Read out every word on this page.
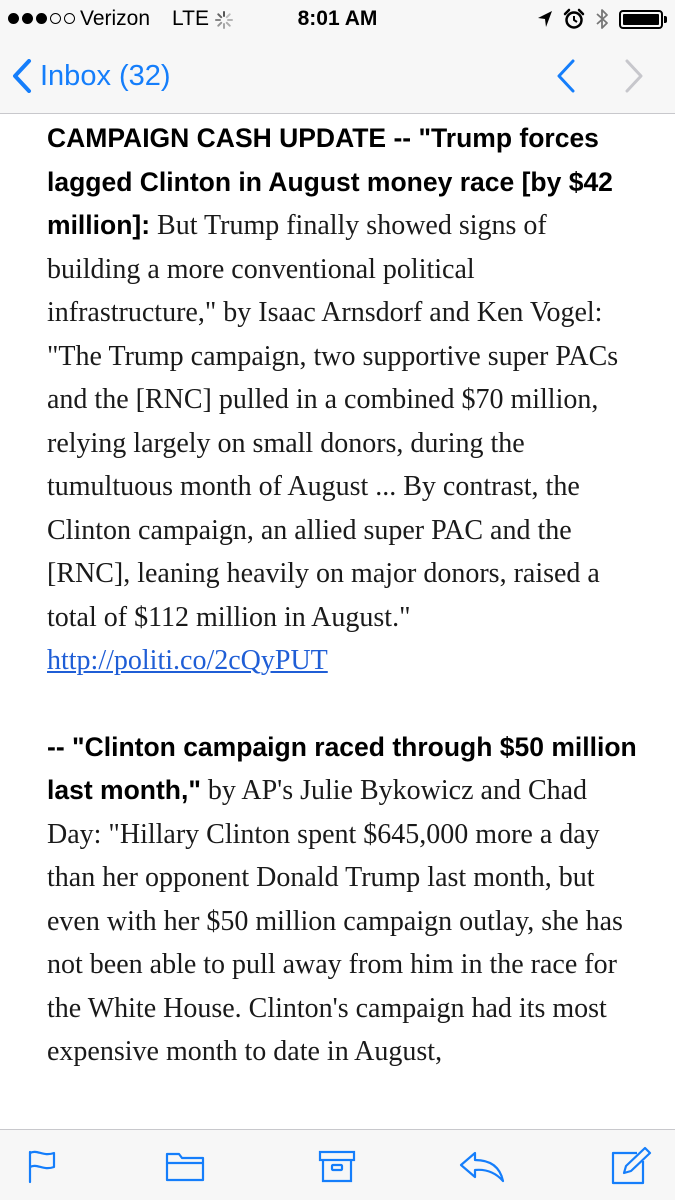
Verizon LTE	8:01 AM
Inbox (32)

CAMPAIGN CASH UPDATE -- "Trump forces lagged Clinton in August money race [by $42 million]: But Trump finally showed signs of building a more conventional political infrastructure," by Isaac Arnsdorf and Ken Vogel: "The Trump campaign, two supportive super PACs and the [RNC] pulled in a combined $70 million, relying largely on small donors, during the tumultuous month of August ... By contrast, the Clinton campaign, an allied super PAC and the [RNC], leaning heavily on major donors, raised a total of $112 million in August."
http://politi.co/2cQyPUT

-- "Clinton campaign raced through $50 million last month," by AP's Julie Bykowicz and Chad Day: "Hillary Clinton spent $645,000 more a day than her opponent Donald Trump last month, but even with her $50 million campaign outlay, she has not been able to pull away from him in the race for the White House. Clinton's campaign had its most expensive month to date in August,
